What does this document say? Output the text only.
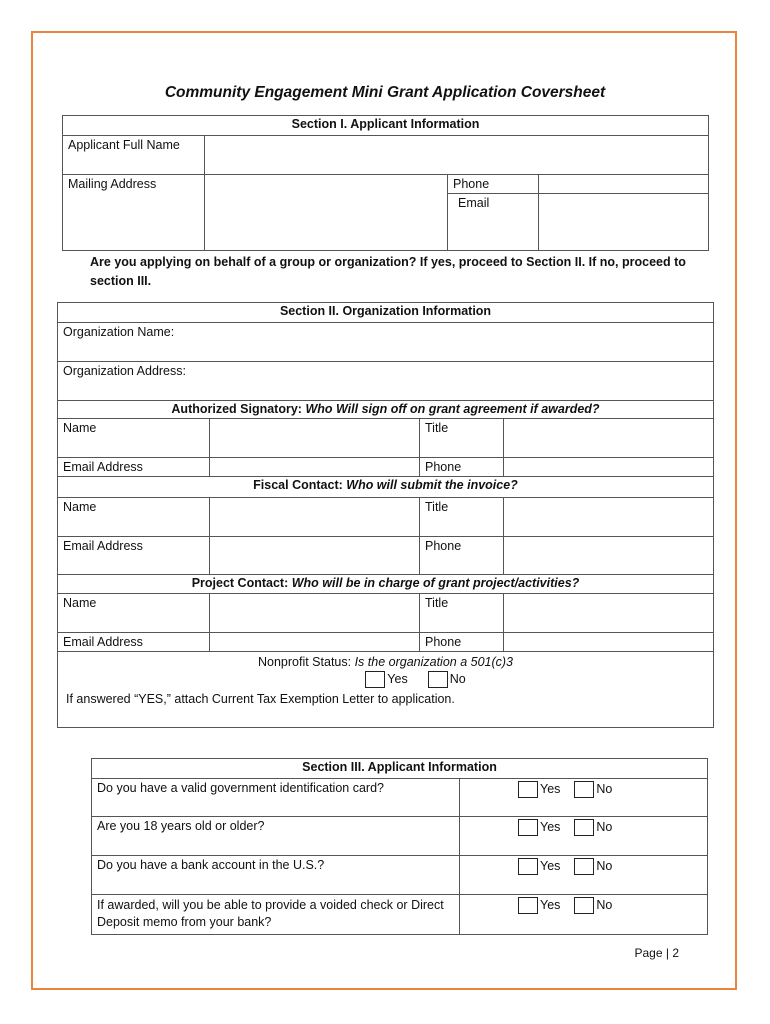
Community Engagement Mini Grant Application Coversheet
Section I. Applicant Information			
Applicant Full Name			
Mailing Address		Phone	
		Email	
Are you applying on behalf of a group or organization? If yes, proceed to Section II. If no, proceed to section III.
Section II. Organization Information			
Organization Name:			
Organization Address:			
Authorized Signatory: Who Will sign off on grant agreement if awarded?			
Name		Title	
Email Address		Phone	
Fiscal Contact: Who will submit the invoice?			
Name		Title	
Email Address		Phone	
Project Contact: Who will be in charge of grant project/activities?			
Name		Title	
Email Address		Phone	

Nonprofit Status: Is the organization a 501(c)3
Yes No
If answered “YES,” attach Current Tax Exemption Letter to application.			
Section III. Applicant Information	
Do you have a valid government identification card?	Yes No

Are you 18 years old or older?	Yes No

Do you have a bank account in the U.S.?	Yes No

If awarded, will you be able to provide a voided check or Direct Deposit memo from your bank?	Yes No
Page | 2
